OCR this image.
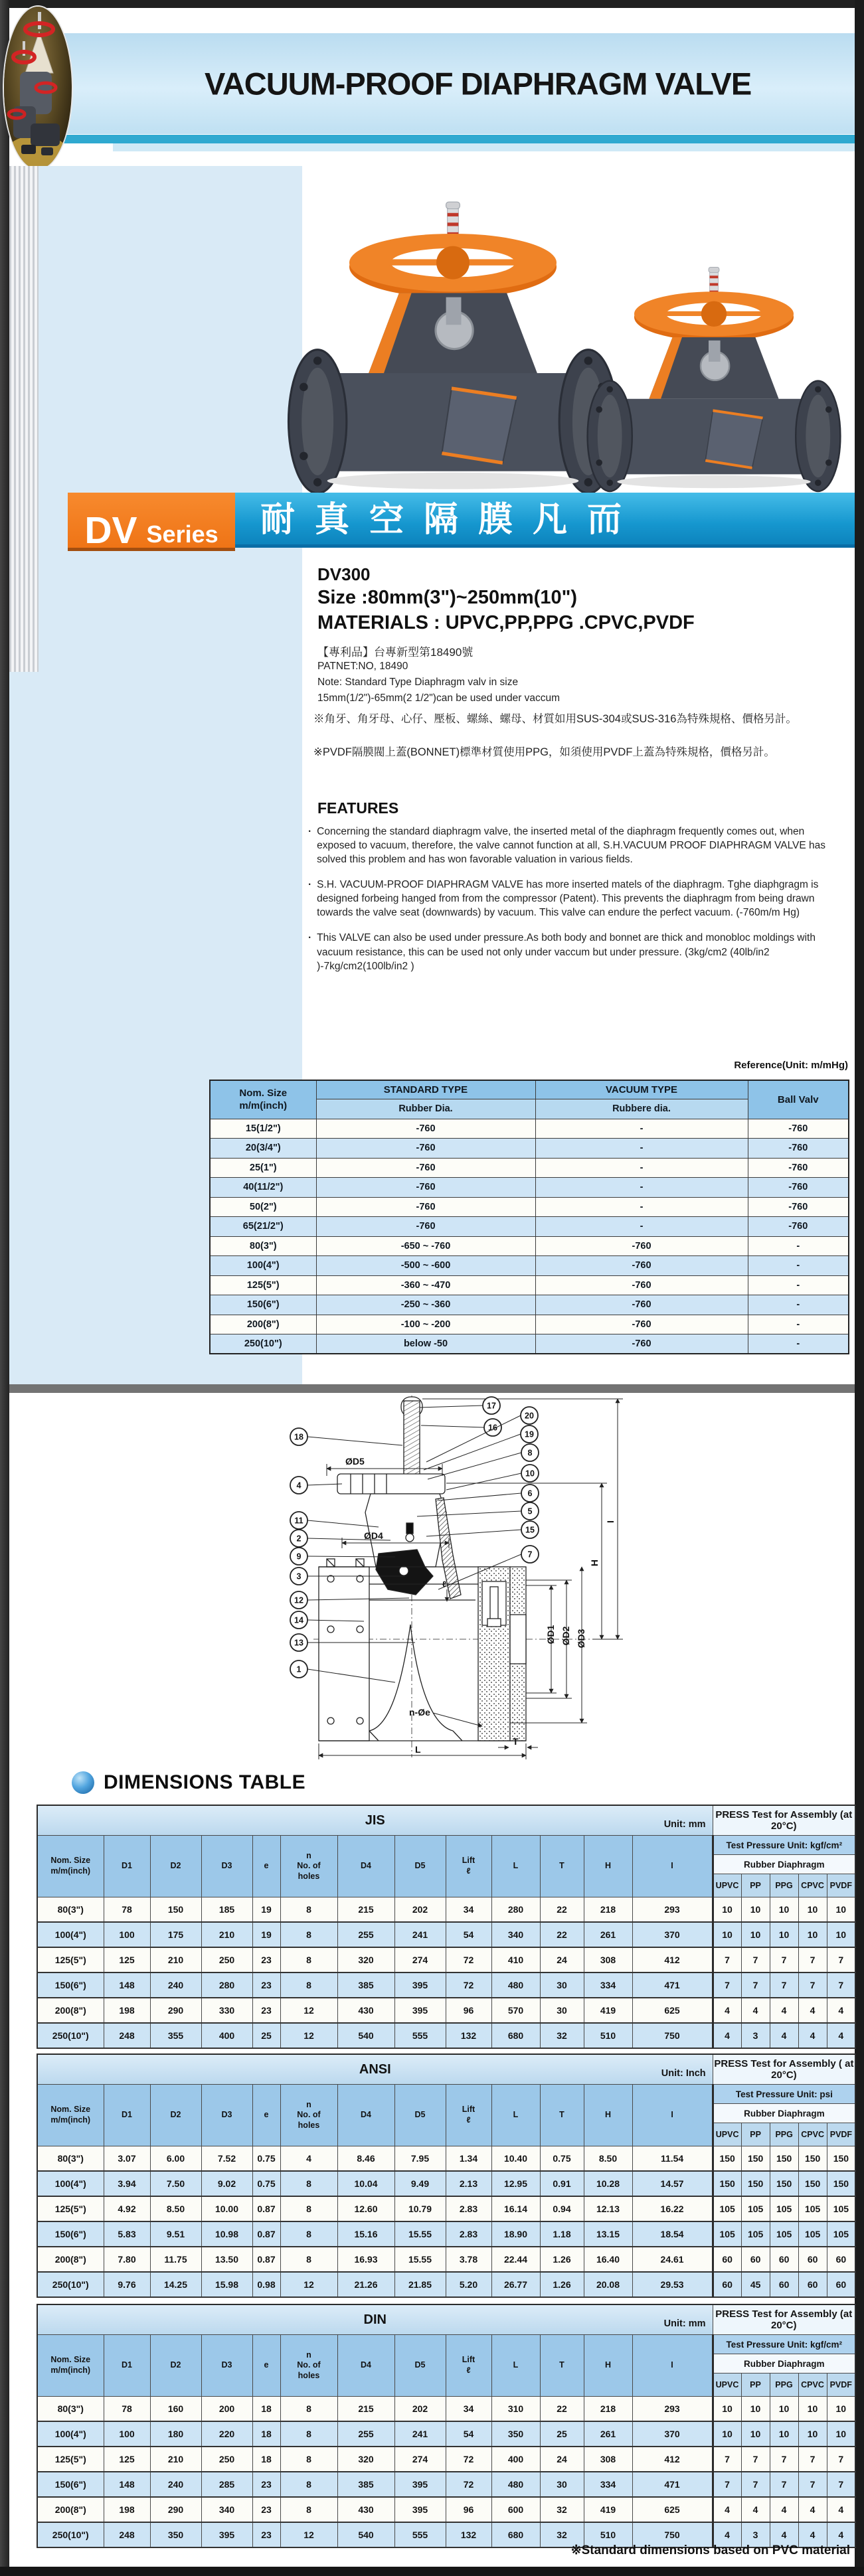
VACUUM-PROOF DIAPHRAGM VALVE
DV Series	耐真空隔膜凡而
DV300
Size :80mm(3")~250mm(10")
MATERIALS : UPVC,PP,PPG .CPVC,PVDF
【專利品】台專新型第18490號
PATNET:NO, 18490
Note: Standard Type Diaphragm valv in size
15mm(1/2")-65mm(2 1/2")can be used under vaccum
※角牙、角牙母、心仔、壓板、螺絲、螺母、材質如用SUS-304或SUS-316為特殊規格、價格另計。
※PVDF隔膜閥上蓋(BONNET)標準材質使用PPG，如須使用PVDF上蓋為特殊規格，價格另計。
FEATURES
· Concerning the standard diaphragm valve, the inserted metal of the diaphragm frequently comes out, when exposed to vacuum, therefore, the valve cannot function at all, S.H.VACUUM PROOF DIAPHRAGM VALVE has solved this problem and has won favorable valuation in various fields.
· S.H. VACUUM-PROOF DIAPHRAGM VALVE has more inserted matels of the diaphragm. Tghe diaphgragm is designed forbeing hanged from from the compressor (Patent). This prevents the diaphragm from being drawn towards the valve seat (downwards) by vacuum. This valve can endure the perfect vacuum. (-760m/m Hg)
· This VALVE can also be used under pressure.As both body and bonnet are thick and monobloc moldings with vacuum resistance, this can be used not only under vaccum but under pressure. (3kg/cm2 (40lb/in2 )-7kg/cm2(100lb/in2 )
Reference(Unit: m/mHg)
Nom. Size
m/m(inch)	STANDARD TYPE	VACUUM TYPE	Ball Valv
	Rubber Dia.	Rubbere dia.	
15(1/2")	-760	-	-760
20(3/4")	-760	-	-760
25(1")	-760	-	-760
40(11/2")	-760	-	-760
50(2")	-760	-	-760
65(21/2")	-760	-	-760
80(3")	-650 ~ -760	-760	-
100(4")	-500 ~ -600	-760	-
125(5")	-360 ~ -470	-760	-
150(6")	-250 ~ -360	-760	-
200(8")	-100 ~ -200	-760	-
250(10")	below -50	-760	-
ØD5
ØD4
ØD1 ØD2 ØD3
H
I
L
T
n-Øe
ℓ
18
4
11
2
9
3
12
14
13
1
17
16
20
19
8
10
6
5
15
7
DIMENSIONS TABLE
JIS Unit: mm													PRESS Test for Assembly (at 20°C)				
Nom. Size
m/m(inch)	D1	D2	D3	e	n
No. of
holes	D4	D5	Lift
ℓ	L	T	H	I	Test Pressure Unit: kgf/cm²				
													Rubber Diaphragm				
													UPVC	PP	PPG	CPVC	PVDF
80(3")	78	150	185	19	8	215	202	34	280	22	218	293	10	10	10	10	10
100(4")	100	175	210	19	8	255	241	54	340	22	261	370	10	10	10	10	10
125(5")	125	210	250	23	8	320	274	72	410	24	308	412	7	7	7	7	7
150(6")	148	240	280	23	8	385	395	72	480	30	334	471	7	7	7	7	7
200(8")	198	290	330	23	12	430	395	96	570	30	419	625	4	4	4	4	4
250(10")	248	355	400	25	12	540	555	132	680	32	510	750	4	3	4	4	4
ANSI Unit: Inch													PRESS Test for Assembly ( at 20°C)				
Nom. Size
m/m(inch)	D1	D2	D3	e	n
No. of
holes	D4	D5	Lift
ℓ	L	T	H	I	Test Pressure Unit: psi				
													Rubber Diaphragm				
													UPVC	PP	PPG	CPVC	PVDF
80(3")	3.07	6.00	7.52	0.75	4	8.46	7.95	1.34	10.40	0.75	8.50	11.54	150	150	150	150	150
100(4")	3.94	7.50	9.02	0.75	8	10.04	9.49	2.13	12.95	0.91	10.28	14.57	150	150	150	150	150
125(5")	4.92	8.50	10.00	0.87	8	12.60	10.79	2.83	16.14	0.94	12.13	16.22	105	105	105	105	105
150(6")	5.83	9.51	10.98	0.87	8	15.16	15.55	2.83	18.90	1.18	13.15	18.54	105	105	105	105	105
200(8")	7.80	11.75	13.50	0.87	8	16.93	15.55	3.78	22.44	1.26	16.40	24.61	60	60	60	60	60
250(10")	9.76	14.25	15.98	0.98	12	21.26	21.85	5.20	26.77	1.26	20.08	29.53	60	45	60	60	60
DIN Unit: mm													PRESS Test for Assembly (at 20°C)				
Nom. Size
m/m(inch)	D1	D2	D3	e	n
No. of
holes	D4	D5	Lift
ℓ	L	T	H	I	Test Pressure Unit: kgf/cm²				
													Rubber Diaphragm				
													UPVC	PP	PPG	CPVC	PVDF
80(3")	78	160	200	18	8	215	202	34	310	22	218	293	10	10	10	10	10
100(4")	100	180	220	18	8	255	241	54	350	25	261	370	10	10	10	10	10
125(5")	125	210	250	18	8	320	274	72	400	24	308	412	7	7	7	7	7
150(6")	148	240	285	23	8	385	395	72	480	30	334	471	7	7	7	7	7
200(8")	198	290	340	23	8	430	395	96	600	32	419	625	4	4	4	4	4
250(10")	248	350	395	23	12	540	555	132	680	32	510	750	4	3	4	4	4
※Standard dimensions based on PVC material
